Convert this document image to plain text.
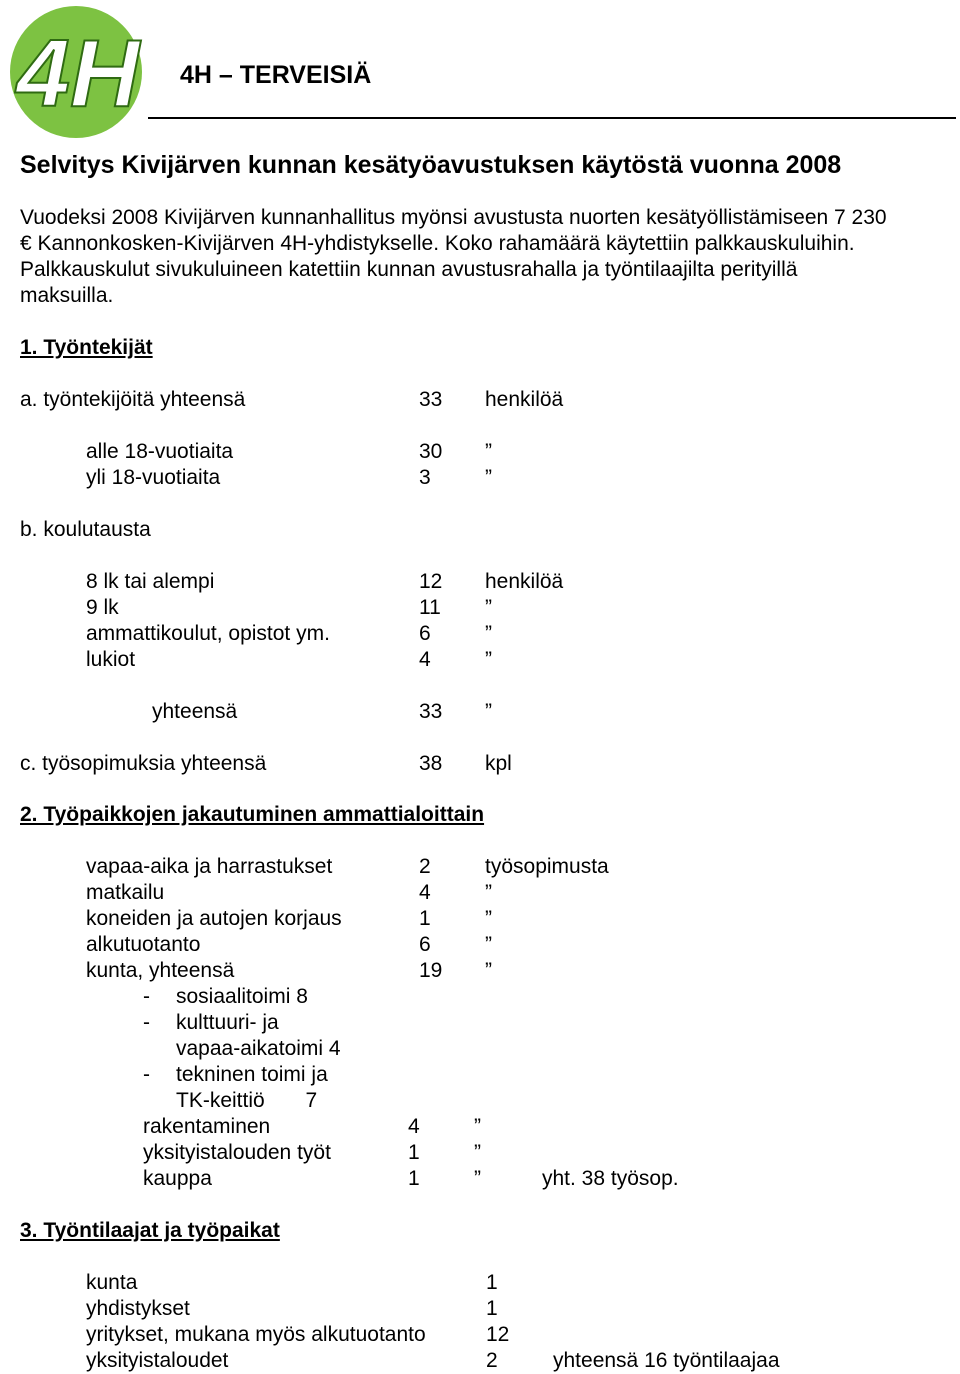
4H 4H – TERVEISIÄ
Selvitys Kivijärven kunnan kesätyöavustuksen käytöstä vuonna 2008
Vuodeksi 2008 Kivijärven kunnanhallitus myönsi avustusta nuorten kesätyöllistämiseen 7 230
€ Kannonkosken-Kivijärven 4H-yhdistykselle. Koko rahamäärä käytettiin palkkauskuluihin.
Palkkauskulut sivukuluineen katettiin kunnan avustusrahalla ja työntilaajilta perityillä
maksuilla.
1. Työntekijät
a. työntekijöitä yhteensä	33 henkilöä
alle 18-vuotiaita	30 ”
yli 18-vuotiaita	3	”
b. koulutausta
8 lk tai alempi	12 henkilöä
9 lk	11 ”
ammattikoulut, opistot ym.	6	”
lukiot	4	”
yhteensä	33 ”
c. työsopimuksia yhteensä	38 kpl
2. Työpaikkojen jakautuminen ammattialoittain
vapaa-aika ja harrastukset	2	työsopimusta
matkailu	4	”
koneiden ja autojen korjaus	1	”
alkutuotanto	6	”
kunta, yhteensä	19 ”
- sosiaalitoimi 8
- kulttuuri- ja
vapaa-aikatoimi 4
- tekninen toimi ja
TK-keittiö       7
rakentaminen	4	”
yksityistalouden työt	1	”
kauppa	1	”	yht. 38 työsop.
3. Työntilaajat ja työpaikat
kunta	1
yhdistykset	1
yritykset, mukana myös alkutuotanto	12
yksityistaloudet	2	yhteensä 16 työntilaajaa
